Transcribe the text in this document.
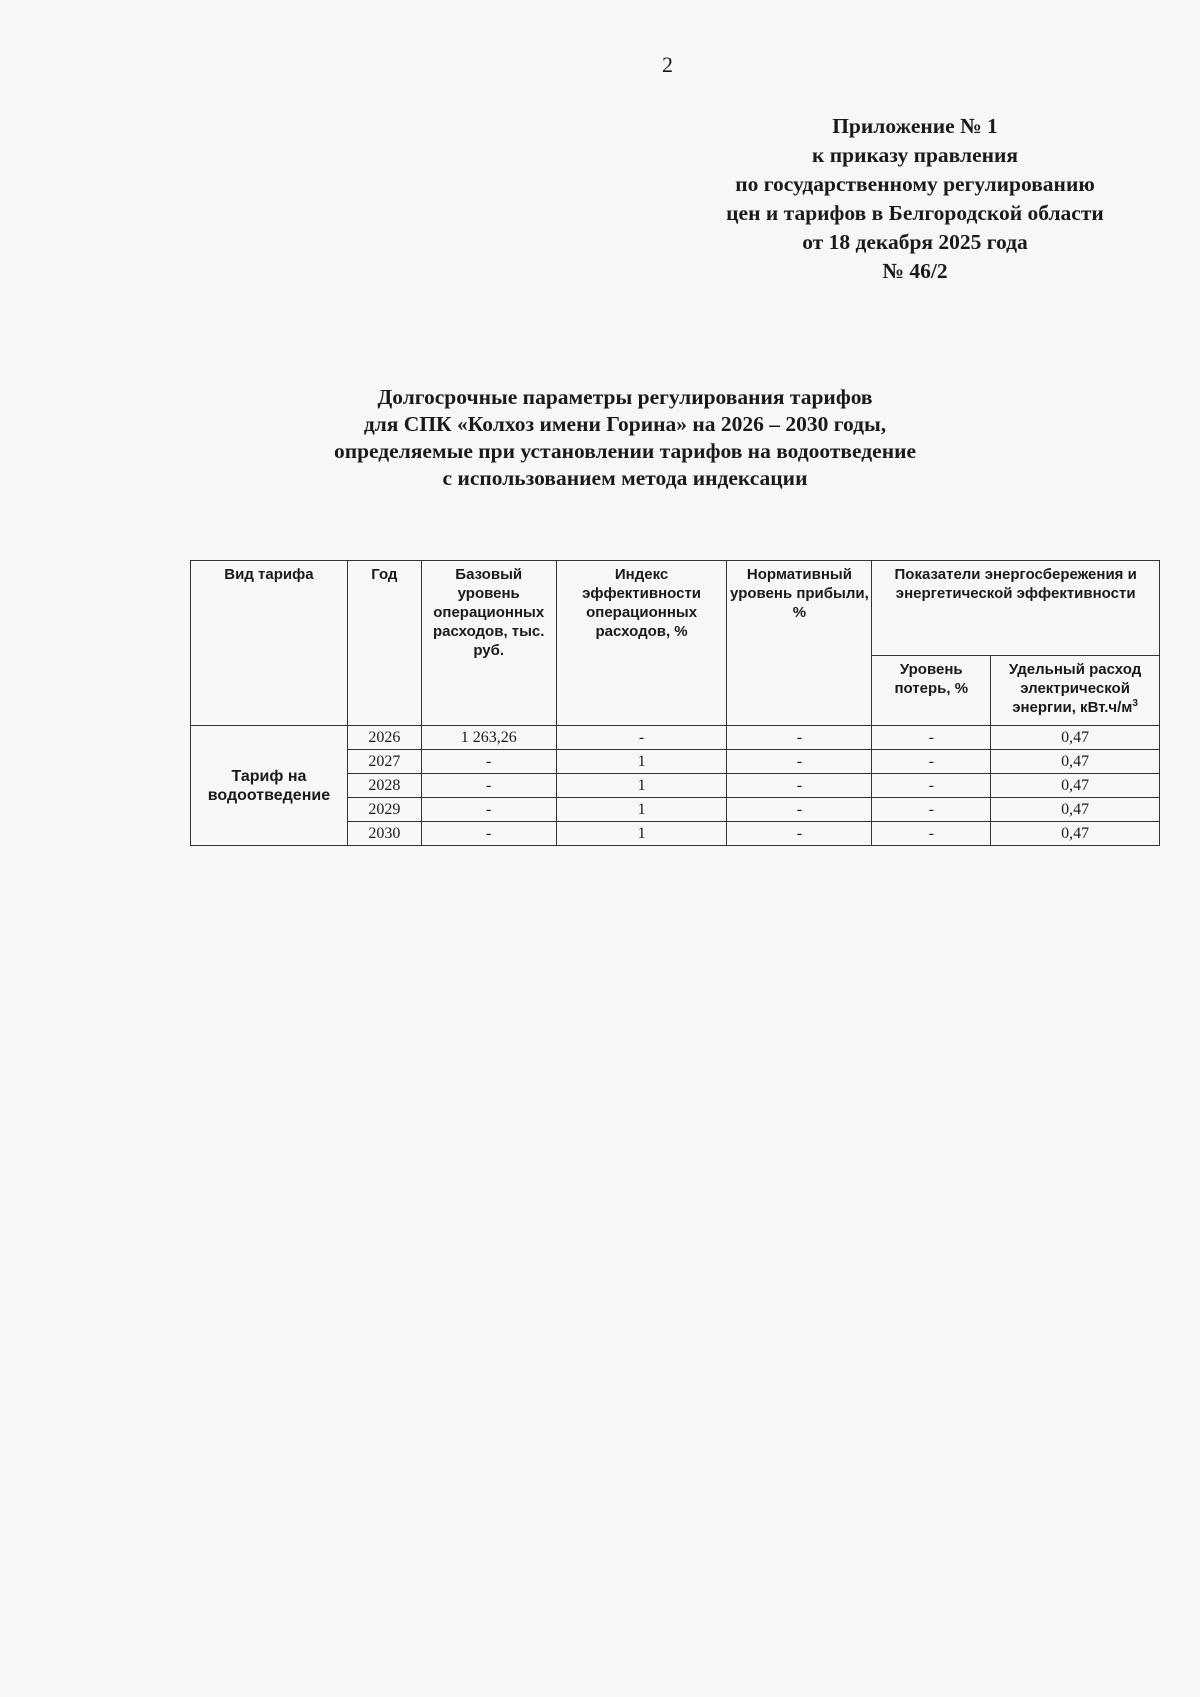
2
Приложение № 1
к приказу правления
по государственному регулированию
цен и тарифов в Белгородской области
от 18 декабря 2025 года
№ 46/2
Долгосрочные параметры регулирования тарифов
для СПК «Колхоз имени Горина» на 2026 – 2030 годы,
определяемые при установлении тарифов на водоотведение
с использованием метода индексации
Вид тарифа	Год	Базовый уровень операционных расходов, тыс. руб.	Индекс эффективности операционных расходов, %	Нормативный уровень прибыли, %	Показатели энергосбережения и энергетической эффективности	
					Уровень потерь, %	Удельный расход электрической энергии, $кВт.ч/м^3$
Тариф на водоотведение	2026	1 263,26	-	-	-	0,47
	2027	-	1	-	-	0,47
	2028	-	1	-	-	0,47
	2029	-	1	-	-	0,47
	2030	-	1	-	-	0,47
